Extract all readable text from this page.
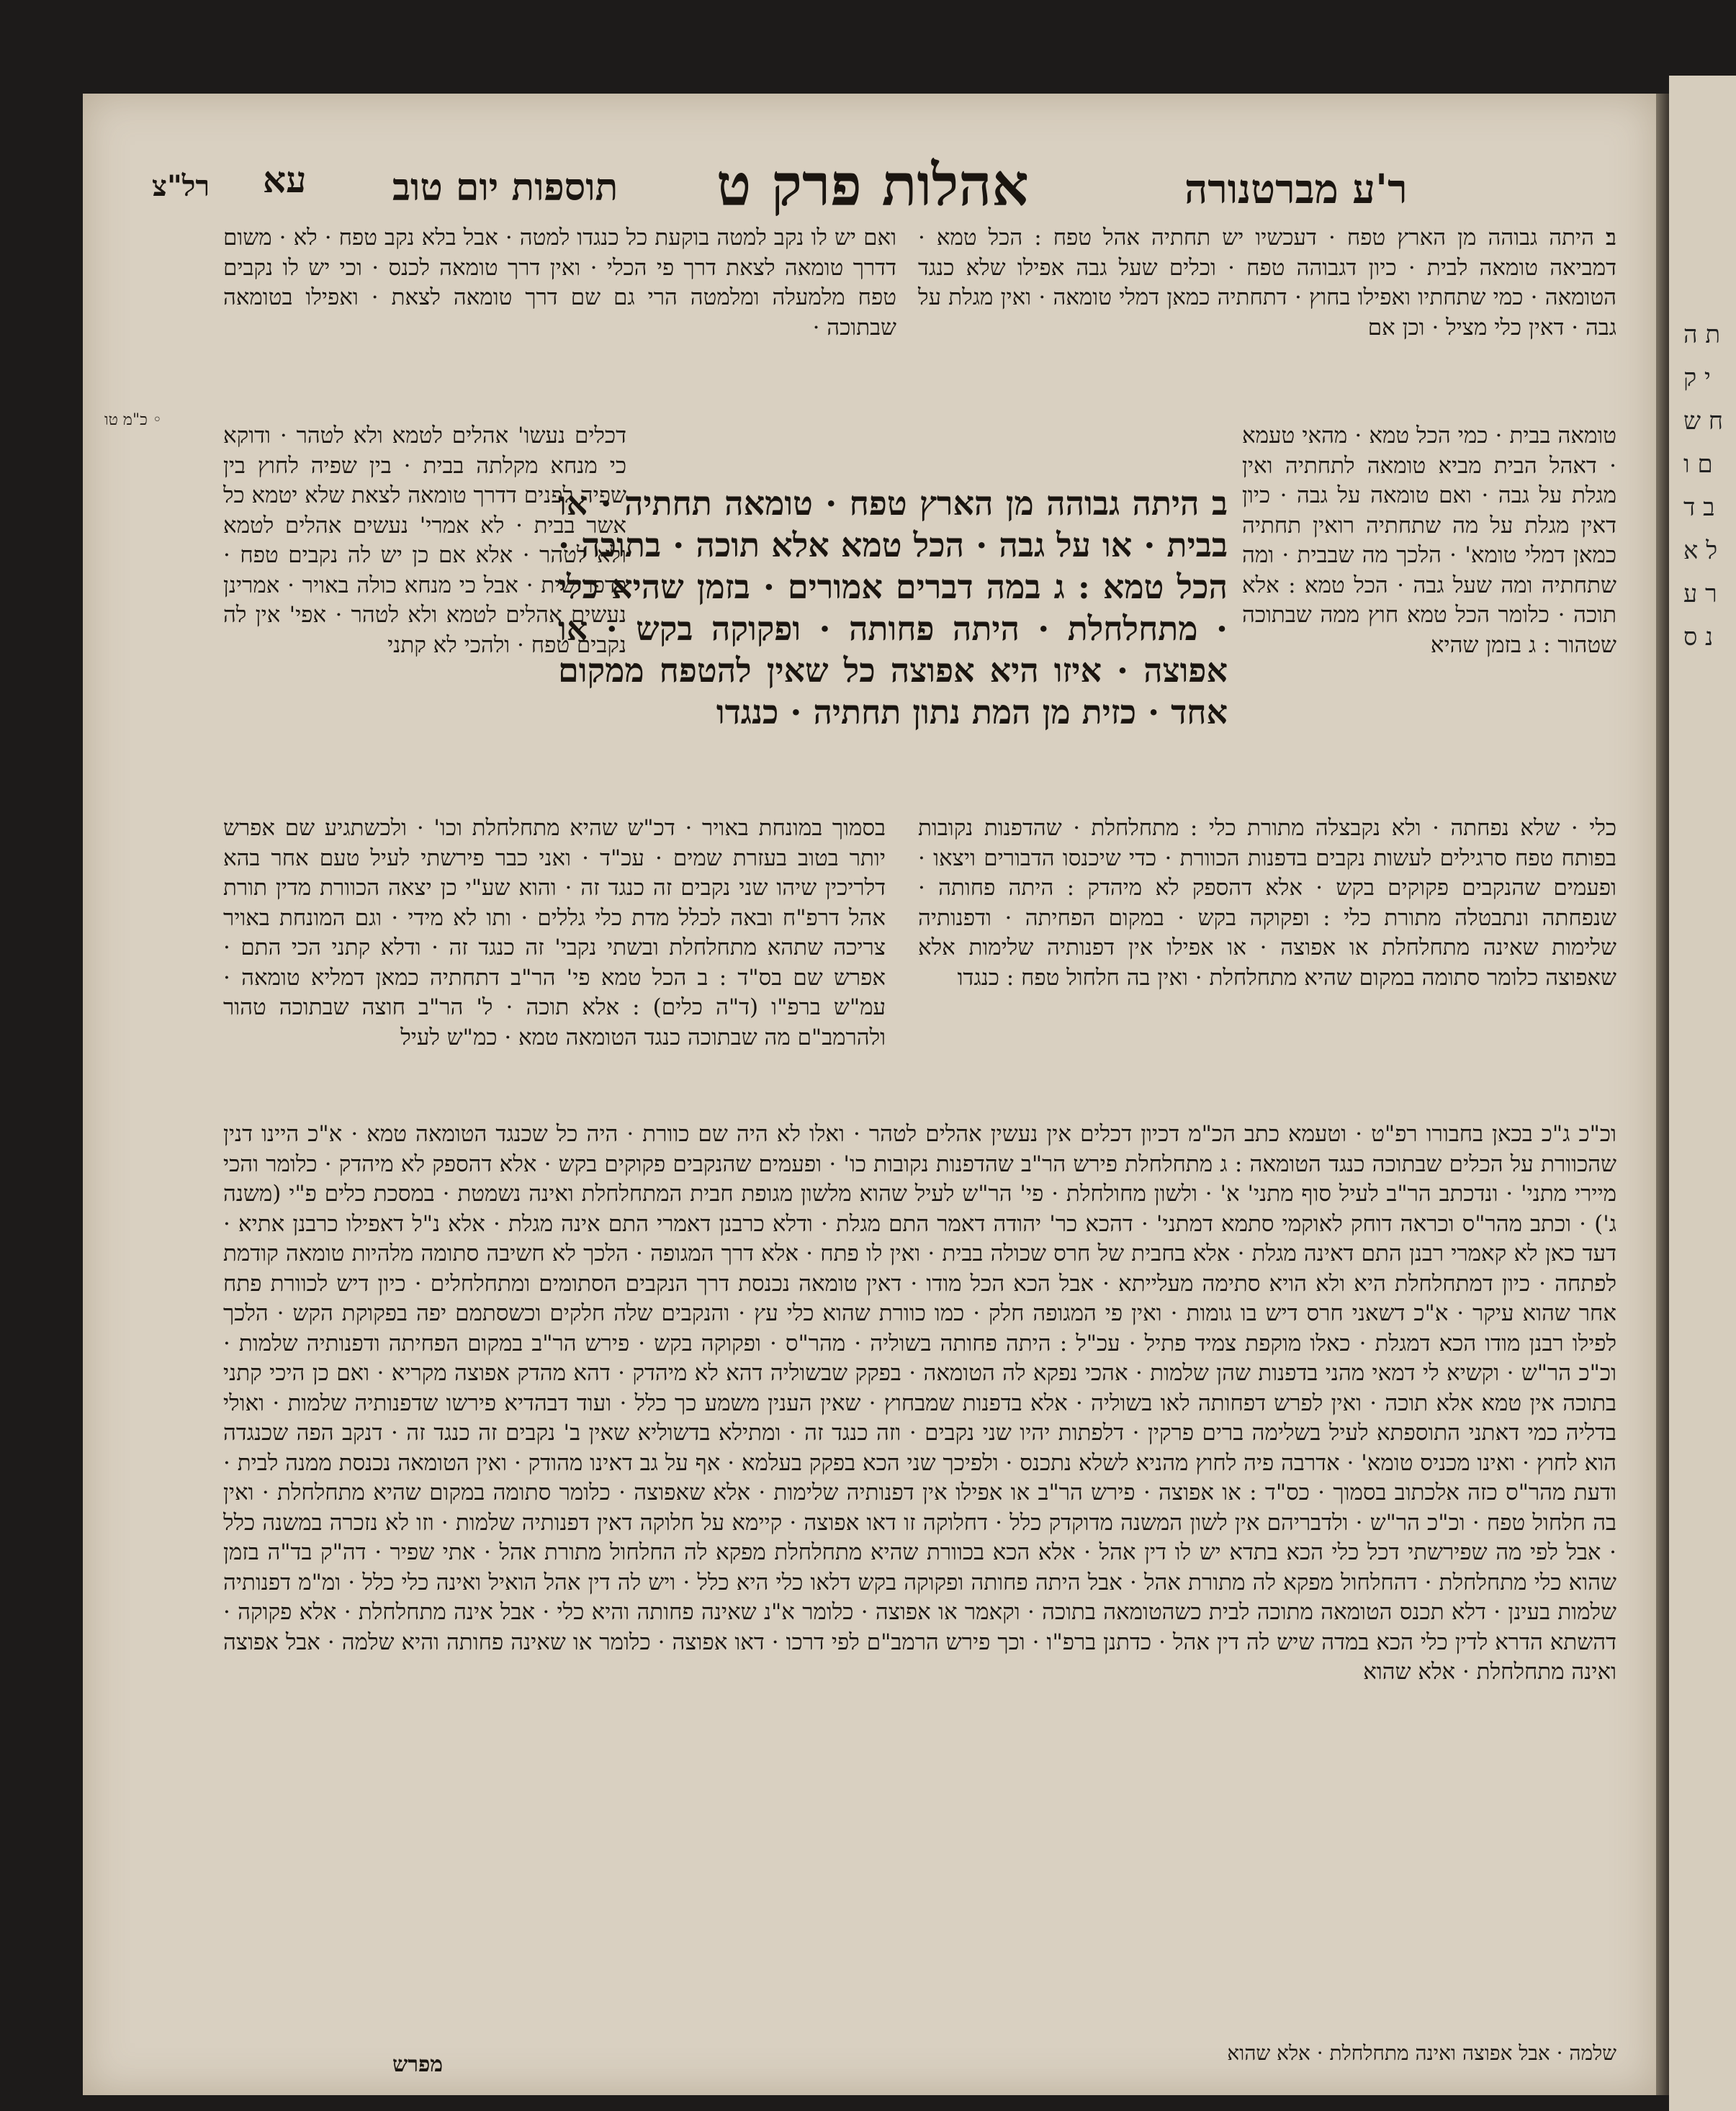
ת ה י ק ח ש ם ו ב ד ל א ר ע נ ס
רל"צ עא תוספות יום טוב אהלות פרק ט	ר'ע מברטנורה

ואם יש לו נקב למטה בוקעת כל כנגדו למטה · אבל בלא נקב טפח · לא · משום דדרך טומאה לצאת דרך פי הכלי · ואין דרך טומאה לכנס · וכי יש לו נקבים טפח מלמעלה ומלמטה הרי גם שם דרך טומאה לצאת · ואפילו בטומאה שבתוכה ·

ב׃ היתה גבוהה מן הארץ טפח · דעכשיו יש תחתיה אהל טפח : הכל טמא · דמביאה טומאה לבית · כיון דגבוהה טפח · וכלים שעל גבה אפילו שלא כנגד הטומאה · כמי שתחתיו ואפילו בחוץ · דתחתיה כמאן דמלי טומאה · ואין מגלת על גבה · דאין כלי מציל · וכן אם

דכלים נעשו' אהלים לטמא ולא לטהר · ודוקא כי מנחא מקלתה בבית · בין שפיה לחוץ בין שפיה לפנים דדרך טומאה לצאת שלא יטמא כל אשר בבית · לא אמרי' נעשים אהלים לטמא ולא לטהר · אלא אם כן יש לה נקבים טפח · כדפרישית · אבל כי מנחא כולה באויר · אמרינן נעשים אהלים לטמא ולא לטהר · אפי' אין לה נקבים טפח · ולהכי לא קתני

ב היתה גבוהה מן הארץ טפח · טומאה תחתיה · או בבית · או על גבה · הכל טמא אלא תוכה · בתוכה · הכל טמא : ג במה דברים אמורים · בזמן שהיא כלי · מתחלחלת · היתה פחותה · ופקוקה בקש · או אפוצה · איזו היא אפוצה כל שאין להטפח ממקום אחד · כזית מן המת נתון תחתיה · כנגדו

טומאה בבית · כמי הכל טמא · מהאי טעמא · דאהל הבית מביא טומאה לתחתיה ואין מגלת על גבה · ואם טומאה על גבה · כיון דאין מגלת על מה שתחתיה רואין תחתיה כמאן דמלי טומא' · הלכך מה שבבית · ומה שתחתיה ומה שעל גבה · הכל טמא : אלא תוכה · כלומר הכל טמא חוץ ממה שבתוכה שטהור : ג בזמן שהיא

בסמוך במונחת באויר · דכ"ש שהיא מתחלחלת וכו' · ולכשתגיע שם אפרש יותר בטוב בעזרת שמים · עכ"ד · ואני כבר פירשתי לעיל טעם אחר בהא דלריכין שיהו שני נקבים זה כנגד זה · והוא שע"י כן יצאה הכוורת מדין תורת אהל דרפ"ח ובאה לכלל מדת כלי גללים · ותו לא מידי · וגם המונחת באויר צריכה שתהא מתחלחלת ובשתי נקבי' זה כנגד זה · ודלא קתני הכי התם · אפרש שם בס"ד : ב הכל טמא פי' הר"ב דתחתיה כמאן דמליא טומאה · עמ"ש ברפ"ו (ד"ה כלים) : אלא תוכה · ל' הר"ב חוצה שבתוכה טהור ולהרמב"ם מה שבתוכה כנגד הטומאה טמא · כמ"ש לעיל

כלי · שלא נפחתה · ולא נקבצלה מתורת כלי : מתחלחלת · שהדפנות נקובות בפותח טפח סרגילים לעשות נקבים בדפנות הכוורת · כדי שיכנסו הדבורים ויצאו · ופעמים שהנקבים פקוקים בקש · אלא דהספק לא מיהדק : היתה פחותה · שנפחתה ונתבטלה מתורת כלי : ופקוקה בקש · במקום הפחיתה · ודפנותיה שלימות שאינה מתחלחלת או אפוצה · או אפילו אין דפנותיה שלימות אלא שאפוצה כלומר סתומה במקום שהיא מתחלחלת · ואין בה חלחול טפח : כנגדו

וכ"כ ג"כ בכאן בחבורו רפ"ט · וטעמא כתב הכ"מ דכיון דכלים אין נעשין אהלים לטהר · ואלו לא היה שם כוורת · היה כל שכנגד הטומאה טמא · א"כ היינו דנין שהכוורת על הכלים שבתוכה כנגד הטומאה : ג מתחלחלת פירש הר"ב שהדפנות נקובות כו' · ופעמים שהנקבים פקוקים בקש · אלא דהספק לא מיהדק · כלומר והכי מיירי מתני' · ונדכתב הר"ב לעיל סוף מתני' א' · ולשון מחולחלת · פי' הר"ש לעיל שהוא מלשון מגופת חבית המתחלחלת ואינה נשמטת · במסכת כלים פ"י (משנה ג') · וכתב מהר"ס וכראה דוחק לאוקמי סתמא דמתני' · דהכא כר' יהודה דאמר התם מגלת · ודלא כרבנן דאמרי התם אינה מגלת · אלא נ"ל דאפילו כרבנן אתיא · דעד כאן לא קאמרי רבנן התם דאינה מגלת · אלא בחבית של חרס שכולה בבית · ואין לו פתח · אלא דרך המגופה · הלכך לא חשיבה סתומה מלהיות טומאה קודמת לפתחה · כיון דמתחלחלת היא ולא הויא סתימה מעלייתא · אבל הכא הכל מודו · דאין טומאה נכנסת דרך הנקבים הסתומים ומתחלחלים · כיון דיש לכוורת פתח אחר שהוא עיקר · א"כ דשאני חרס דיש בו גומות · ואין פי המגופה חלק · כמו כוורת שהוא כלי עץ · והנקבים שלה חלקים וכשסתמם יפה בפקוקת הקש · הלכך לפילו רבנן מודו הכא דמגלת · כאלו מוקפת צמיד פתיל · עכ"ל : היתה פחותה בשוליה · מהר"ס · ופקוקה בקש · פירש הר"ב במקום הפחיתה ודפנותיה שלמות · וכ"כ הר"ש · וקשיא לי דמאי מהני בדפנות שהן שלמות · אהכי נפקא לה הטומאה · בפקק שבשוליה דהא לא מיהדק · דהא מהדק אפוצה מקריא · ואם כן היכי קתני בתוכה אין טמא אלא תוכה · ואין לפרש דפחותה לאו בשוליה · אלא בדפנות שמבחוץ · שאין הענין משמע כך כלל · ועוד דבהדיא פירשו שדפנותיה שלמות · ואולי בדליה כמי דאתני התוספתא לעיל בשלימה ברים פרקין · דלפתות יהיו שני נקבים · וזה כנגד זה · ומתילא בדשוליא שאין ב' נקבים זה כנגד זה · דנקב הפה שכנגדה הוא לחוץ · ואינו מכניס טומא' · אדרבה פיה לחוץ מהניא לשלא נתכנס · ולפיכך שני הכא בפקק בעלמא · אף על גב דאינו מהודק · ואין הטומאה נכנסת ממנה לבית · ודעת מהר"ס כזה אלכתוב בסמוך · כס"ד : או אפוצה · פירש הר"ב או אפילו אין דפנותיה שלימות · אלא שאפוצה · כלומר סתומה במקום שהיא מתחלחלת · ואין בה חלחול טפח · וכ"כ הר"ש · ולדבריהם אין לשון המשנה מדוקדק כלל · דחלוקה זו דאו אפוצה · קיימא על חלוקה דאין דפנותיה שלמות · וזו לא נזכרה במשנה כלל · אבל לפי מה שפירשתי דכל כלי הכא בתדא יש לו דין אהל · אלא הכא בכוורת שהיא מתחלחלת מפקא לה החלחול מתורת אהל · אתי שפיר · דה"ק בד"ה בזמן שהוא כלי מתחלחלת · דהחלחול מפקא לה מתורת אהל · אבל היתה פחותה ופקוקה בקש דלאו כלי היא כלל · ויש לה דין אהל הואיל ואינה כלי כלל · ומ"מ דפנותיה שלמות בעינן · דלא תכנס הטומאה מתוכה לבית כשהטומאה בתוכה · וקאמר או אפוצה · כלומר א"נ שאינה פחותה והיא כלי · אבל אינה מתחלחלת · אלא פקוקה · דהשתא הדרא לדין כלי הכא במדה שיש לה דין אהל · כדתנן ברפ"ו · וכך פירש הרמב"ם לפי דרכו · דאו אפוצה · כלומר או שאינה פחותה והיא שלמה · אבל אפוצה ואינה מתחלחלת · אלא שהוא

מפרש	שלמה · אבל אפוצה ואינה מתחלחלת · אלא שהוא
כ"מ טו ◦
